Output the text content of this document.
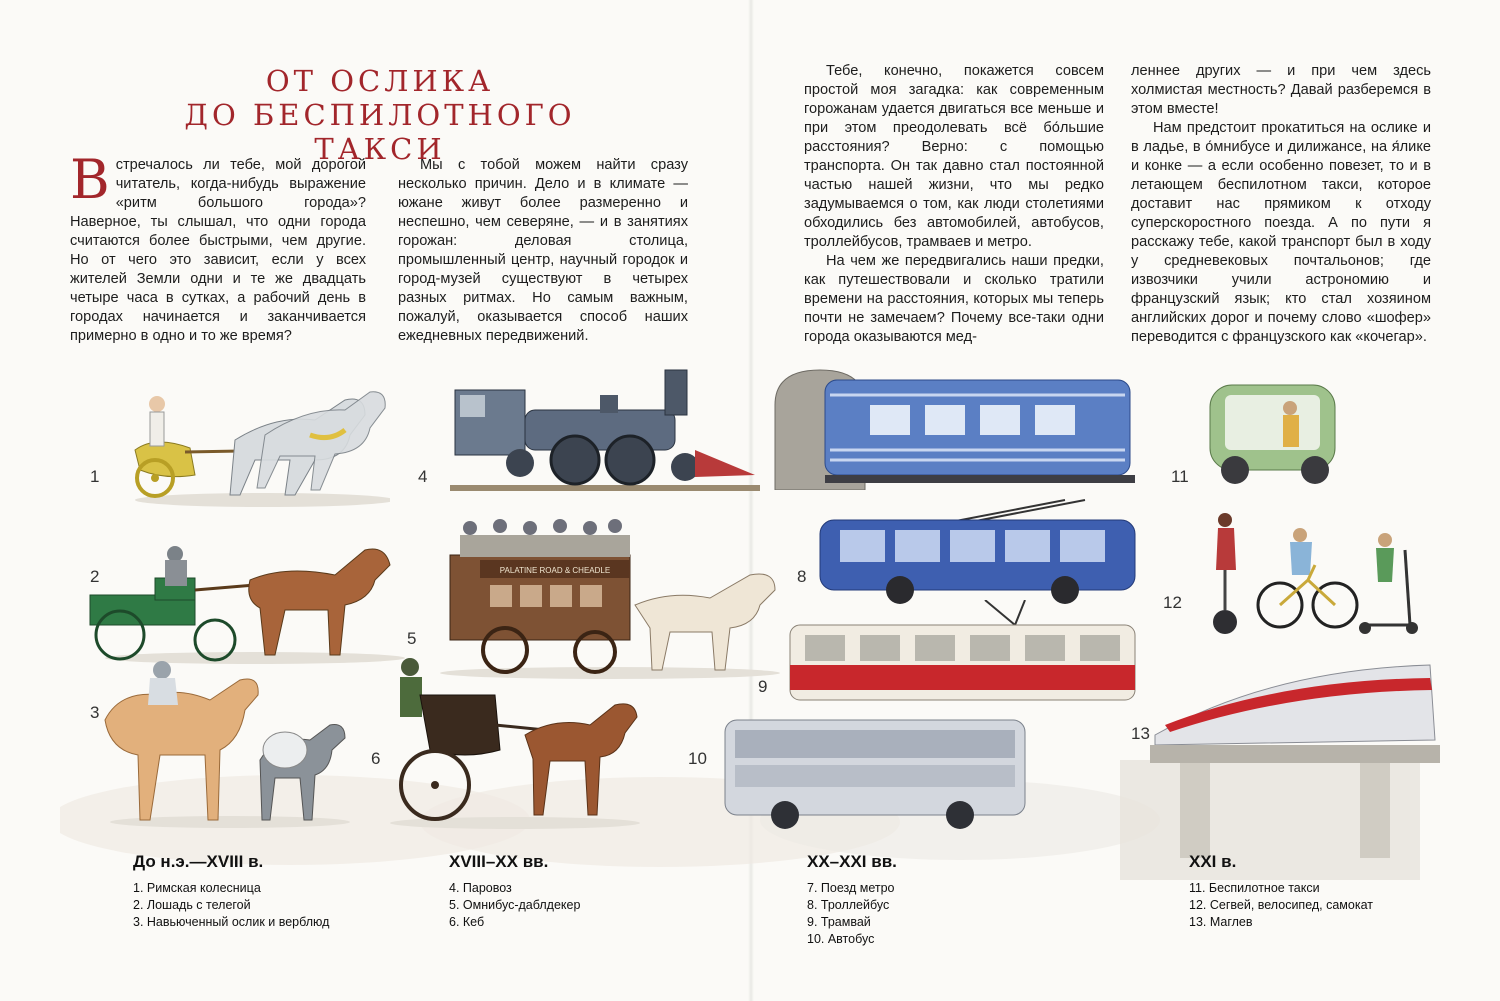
ОТ ОСЛИКА
ДО БЕСПИЛОТНОГО ТАКСИ

Встречалось ли тебе, мой дорогой читатель, когда-нибудь выражение «ритм большого города»? Наверное, ты слышал, что одни города считаются более быстрыми, чем другие. Но от чего это зависит, если у всех жителей Земли одни и те же двадцать четыре часа в сутках, а рабочий день в городах начинается и заканчивается примерно в одно и то же время?

Мы с тобой можем найти сразу несколько причин. Дело и в климате — южане живут более размеренно и неспешно, чем северяне, — и в занятиях горожан: деловая столица, промышленный центр, научный городок и город-музей существуют в четырех разных ритмах. Но самым важным, пожалуй, оказывается способ наших ежедневных передвижений.

Тебе, конечно, покажется совсем простой моя загадка: как современным горожанам удается двигаться все меньше и при этом преодолевать всё бо́льшие расстояния? Верно: с помощью транспорта. Он так давно стал постоянной частью нашей жизни, что мы редко задумываемся о том, как люди столетиями обходились без автомобилей, автобусов, троллейбусов, трамваев и метро.

На чем же передвигались наши предки, как путешествовали и сколько тратили времени на расстояния, которых мы теперь почти не замечаем? Почему все-таки одни города оказываются мед-

леннее других — и при чем здесь холмистая местность? Давай разберемся в этом вместе!

Нам предстоит прокатиться на ослике и в ладье, в о́мнибусе и дилижансе, на я́лике и конке — а если особенно повезет, то и в летающем беспилотном такси, которое доставит нас прямиком к отходу суперскоростного поезда. А по пути я расскажу тебе, какой транспорт был в ходу у средневековых почтальонов; где извозчики учили астрономию и французский язык; кто стал хозяином английских дорог и почему слово «шофер» переводится с французского как «кочегар».

1
2
3
4
5
6
8
9
10
11
12
13
PALATINE ROAD & CHEADLE
До н.э.—XVIII в.
1. Римская колесница
2. Лошадь с телегой
3. Навьюченный ослик и верблюд
XVIII–XX вв.
4. Паровоз
5. Омнибус-даблдекер
6. Кеб
XX–XXI вв.
7. Поезд метро
8. Троллейбус
9. Трамвай
10. Автобус
XXI в.
11. Беспилотное такси
12. Сегвей, велосипед, самокат
13. Маглев
